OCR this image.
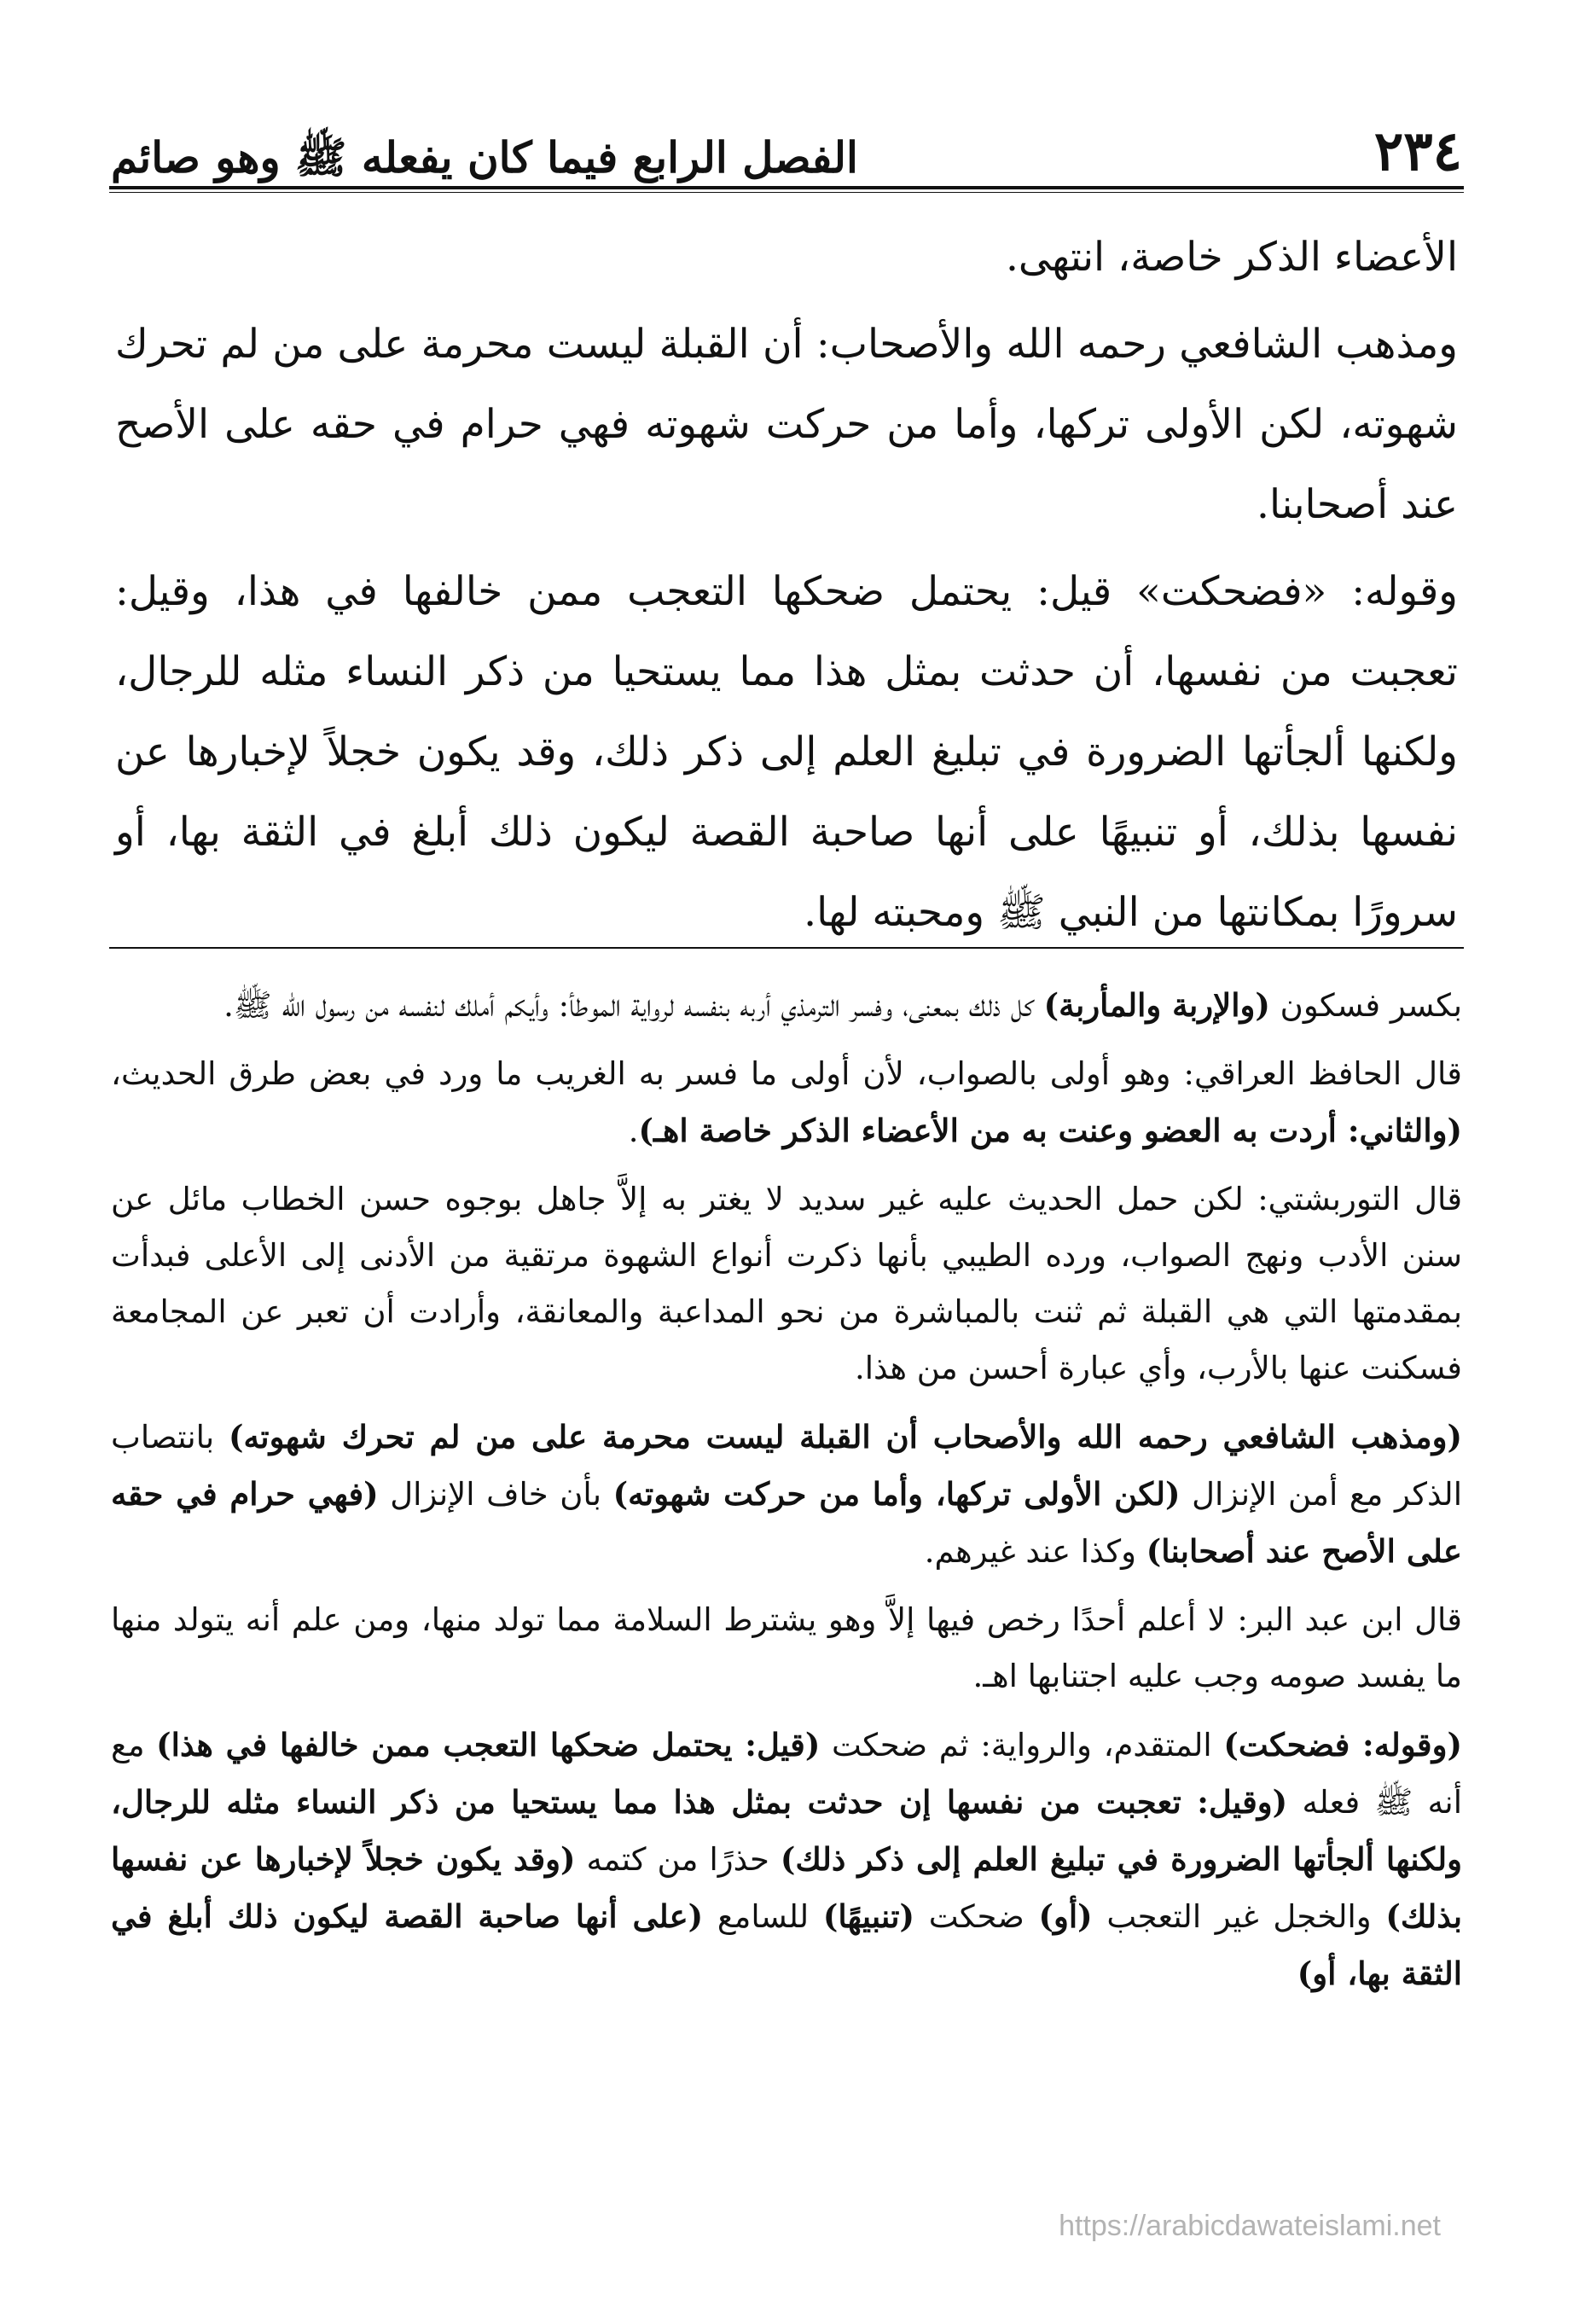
٢٣٤
الفصل الرابع فيما كان يفعله ﷺ وهو صائم

الأعضاء الذكر خاصة، انتهى.

ومذهب الشافعي رحمه الله والأصحاب: أن القبلة ليست محرمة على من لم تحرك شهوته، لكن الأولى تركها، وأما من حركت شهوته فهي حرام في حقه على الأصح عند أصحابنا.

وقوله: «فضحكت» قيل: يحتمل ضحكها التعجب ممن خالفها في هذا، وقيل: تعجبت من نفسها، أن حدثت بمثل هذا مما يستحيا من ذكر النساء مثله للرجال، ولكنها ألجأتها الضرورة في تبليغ العلم إلى ذكر ذلك، وقد يكون خجلاً لإخبارها عن نفسها بذلك، أو تنبيهًا على أنها صاحبة القصة ليكون ذلك أبلغ في الثقة بها، أو سرورًا بمكانتها من النبي ﷺ ومحبته لها.

بكسر فسكون (والإربة والمأربة) كل ذلك بمعنى، وفسر الترمذي أربه بنفسه لرواية الموطأ: وأيكم أملك لنفسه من رسول الله ﷺ.

قال الحافظ العراقي: وهو أولى بالصواب، لأن أولى ما فسر به الغريب ما ورد في بعض طرق الحديث، (والثاني: أردت به العضو وعنت به من الأعضاء الذكر خاصة اهـ).

قال التوربشتي: لكن حمل الحديث عليه غير سديد لا يغتر به إلاَّ جاهل بوجوه حسن الخطاب مائل عن سنن الأدب ونهج الصواب، ورده الطيبي بأنها ذكرت أنواع الشهوة مرتقية من الأدنى إلى الأعلى فبدأت بمقدمتها التي هي القبلة ثم ثنت بالمباشرة من نحو المداعبة والمعانقة، وأرادت أن تعبر عن المجامعة فسكنت عنها بالأرب، وأي عبارة أحسن من هذا.

(ومذهب الشافعي رحمه الله والأصحاب أن القبلة ليست محرمة على من لم تحرك شهوته) بانتصاب الذكر مع أمن الإنزال (لكن الأولى تركها، وأما من حركت شهوته) بأن خاف الإنزال (فهي حرام في حقه على الأصح عند أصحابنا) وكذا عند غيرهم.

قال ابن عبد البر: لا أعلم أحدًا رخص فيها إلاَّ وهو يشترط السلامة مما تولد منها، ومن علم أنه يتولد منها ما يفسد صومه وجب عليه اجتنابها اهـ.

(وقوله: فضحكت) المتقدم، والرواية: ثم ضحكت (قيل: يحتمل ضحكها التعجب ممن خالفها في هذا) مع أنه ﷺ فعله (وقيل: تعجبت من نفسها إن حدثت بمثل هذا مما يستحيا من ذكر النساء مثله للرجال، ولكنها ألجأتها الضرورة في تبليغ العلم إلى ذكر ذلك) حذرًا من كتمه (وقد يكون خجلاً لإخبارها عن نفسها بذلك) والخجل غير التعجب (أو) ضحكت (تنبيهًا) للسامع (على أنها صاحبة القصة ليكون ذلك أبلغ في الثقة بها، أو)

https://arabicdawateislami.net
